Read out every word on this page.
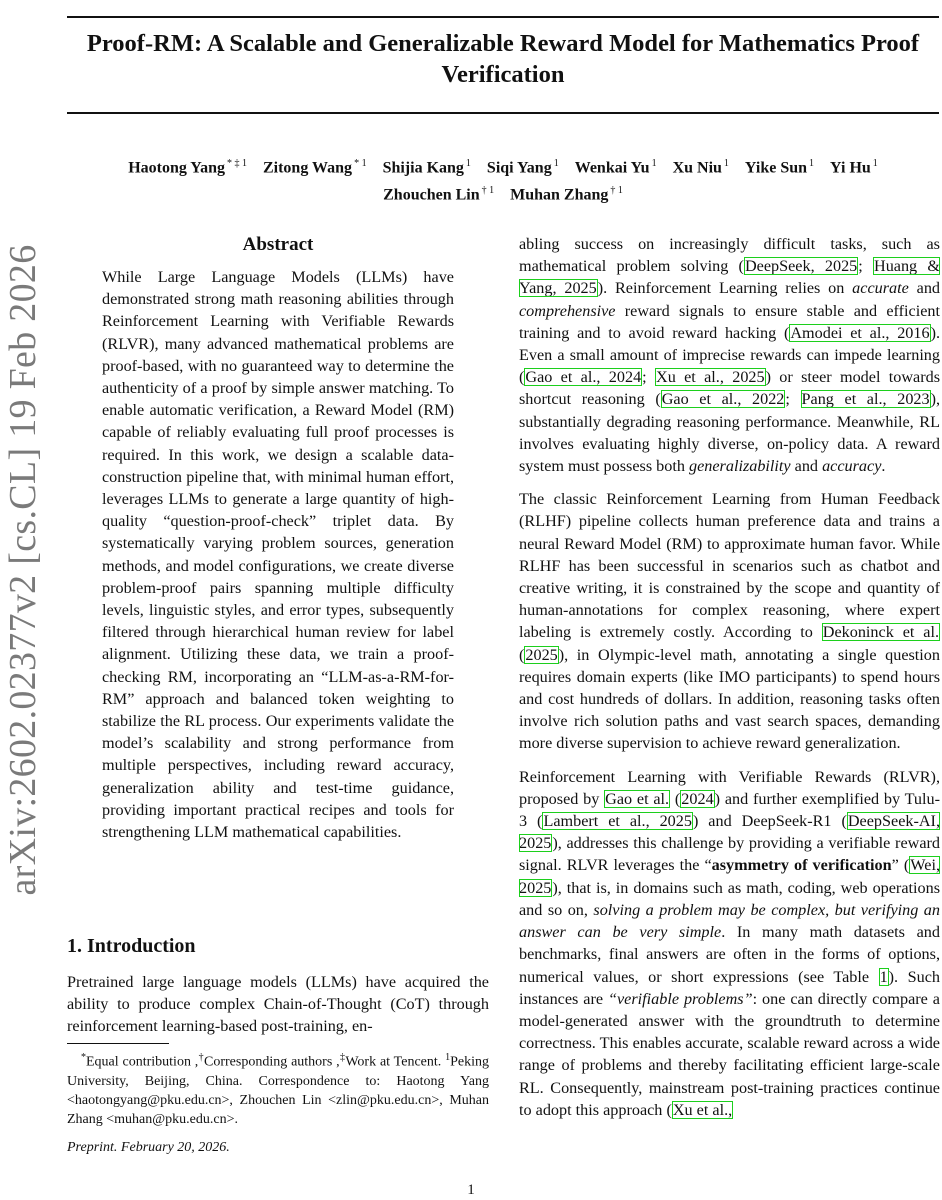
Proof-RM: A Scalable and Generalizable Reward Model for Mathematics Proof Verification
Haotong Yang $^{* \ddagger 1}$ Zitong Wang $^{* 1}$ Shijia Kang $^1$ Siqi Yang $^1$ Wenkai Yu $^1$ Xu Niu $^1$ Yike Sun $^1$ Yi Hu $^1$
Zhouchen Lin $^{\dagger 1}$ Muhan Zhang $^{\dagger 1}$
arXiv:2602.02377v2 [cs.CL] 19 Feb 2026	Abstract

While Large Language Models (LLMs) have demonstrated strong math reasoning abilities through Reinforcement Learning with Verifiable Rewards (RLVR), many advanced mathematical problems are proof-based, with no guaranteed way to determine the authenticity of a proof by simple answer matching. To enable automatic verification, a Reward Model (RM) capable of reliably evaluating full proof processes is required. In this work, we design a scalable data-construction pipeline that, with minimal human effort, leverages LLMs to generate a large quantity of high-quality “question-proof-check” triplet data. By systematically varying problem sources, generation methods, and model configurations, we create diverse problem-proof pairs spanning multiple difficulty levels, linguistic styles, and error types, subsequently filtered through hierarchical human review for label alignment. Utilizing these data, we train a proof-checking RM, incorporating an “LLM-as-a-RM-for-RM” approach and balanced token weighting to stabilize the RL process. Our experiments validate the model’s scalability and strong performance from multiple perspectives, including reward accuracy, generalization ability and test-time guidance, providing important practical recipes and tools for strengthening LLM mathematical capabilities.

1. Introduction

Pretrained large language models (LLMs) have acquired the ability to produce complex Chain-of-Thought (CoT) through reinforcement learning-based post-training, en-

*Equal contribution ,†Corresponding authors ,‡Work at Tencent. $^1$Peking University, Beijing, China. Correspondence to: Haotong Yang <haotongyang@pku.edu.cn>, Zhouchen Lin <zlin@pku.edu.cn>, Muhan Zhang <muhan@pku.edu.cn>.

Preprint. February 20, 2026.
1

abling success on increasingly difficult tasks, such as mathematical problem solving (DeepSeek, 2025; Huang & Yang, 2025). Reinforcement Learning relies on accurate and comprehensive reward signals to ensure stable and efficient training and to avoid reward hacking (Amodei et al., 2016). Even a small amount of imprecise rewards can impede learning (Gao et al., 2024; Xu et al., 2025) or steer model towards shortcut reasoning (Gao et al., 2022; Pang et al., 2023), substantially degrading reasoning performance. Meanwhile, RL involves evaluating highly diverse, on-policy data. A reward system must possess both generalizability and accuracy.

The classic Reinforcement Learning from Human Feedback (RLHF) pipeline collects human preference data and trains a neural Reward Model (RM) to approximate human favor. While RLHF has been successful in scenarios such as chatbot and creative writing, it is constrained by the scope and quantity of human-annotations for complex reasoning, where expert labeling is extremely costly. According to Dekoninck et al. (2025), in Olympic-level math, annotating a single question requires domain experts (like IMO participants) to spend hours and cost hundreds of dollars. In addition, reasoning tasks often involve rich solution paths and vast search spaces, demanding more diverse supervision to achieve reward generalization.

Reinforcement Learning with Verifiable Rewards (RLVR), proposed by Gao et al. (2024) and further exemplified by Tulu-3 (Lambert et al., 2025) and DeepSeek-R1 (DeepSeek-AI, 2025), addresses this challenge by providing a verifiable reward signal. RLVR leverages the “asymmetry of verification” (Wei, 2025), that is, in domains such as math, coding, web operations and so on, solving a problem may be complex, but verifying an answer can be very simple. In many math datasets and benchmarks, final answers are often in the forms of options, numerical values, or short expressions (see Table 1). Such instances are “verifiable problems”: one can directly compare a model-generated answer with the groundtruth to determine correctness. This enables accurate, scalable reward across a wide range of problems and thereby facilitating efficient large-scale RL. Consequently, mainstream post-training practices continue to adopt this approach (Xu et al.,
